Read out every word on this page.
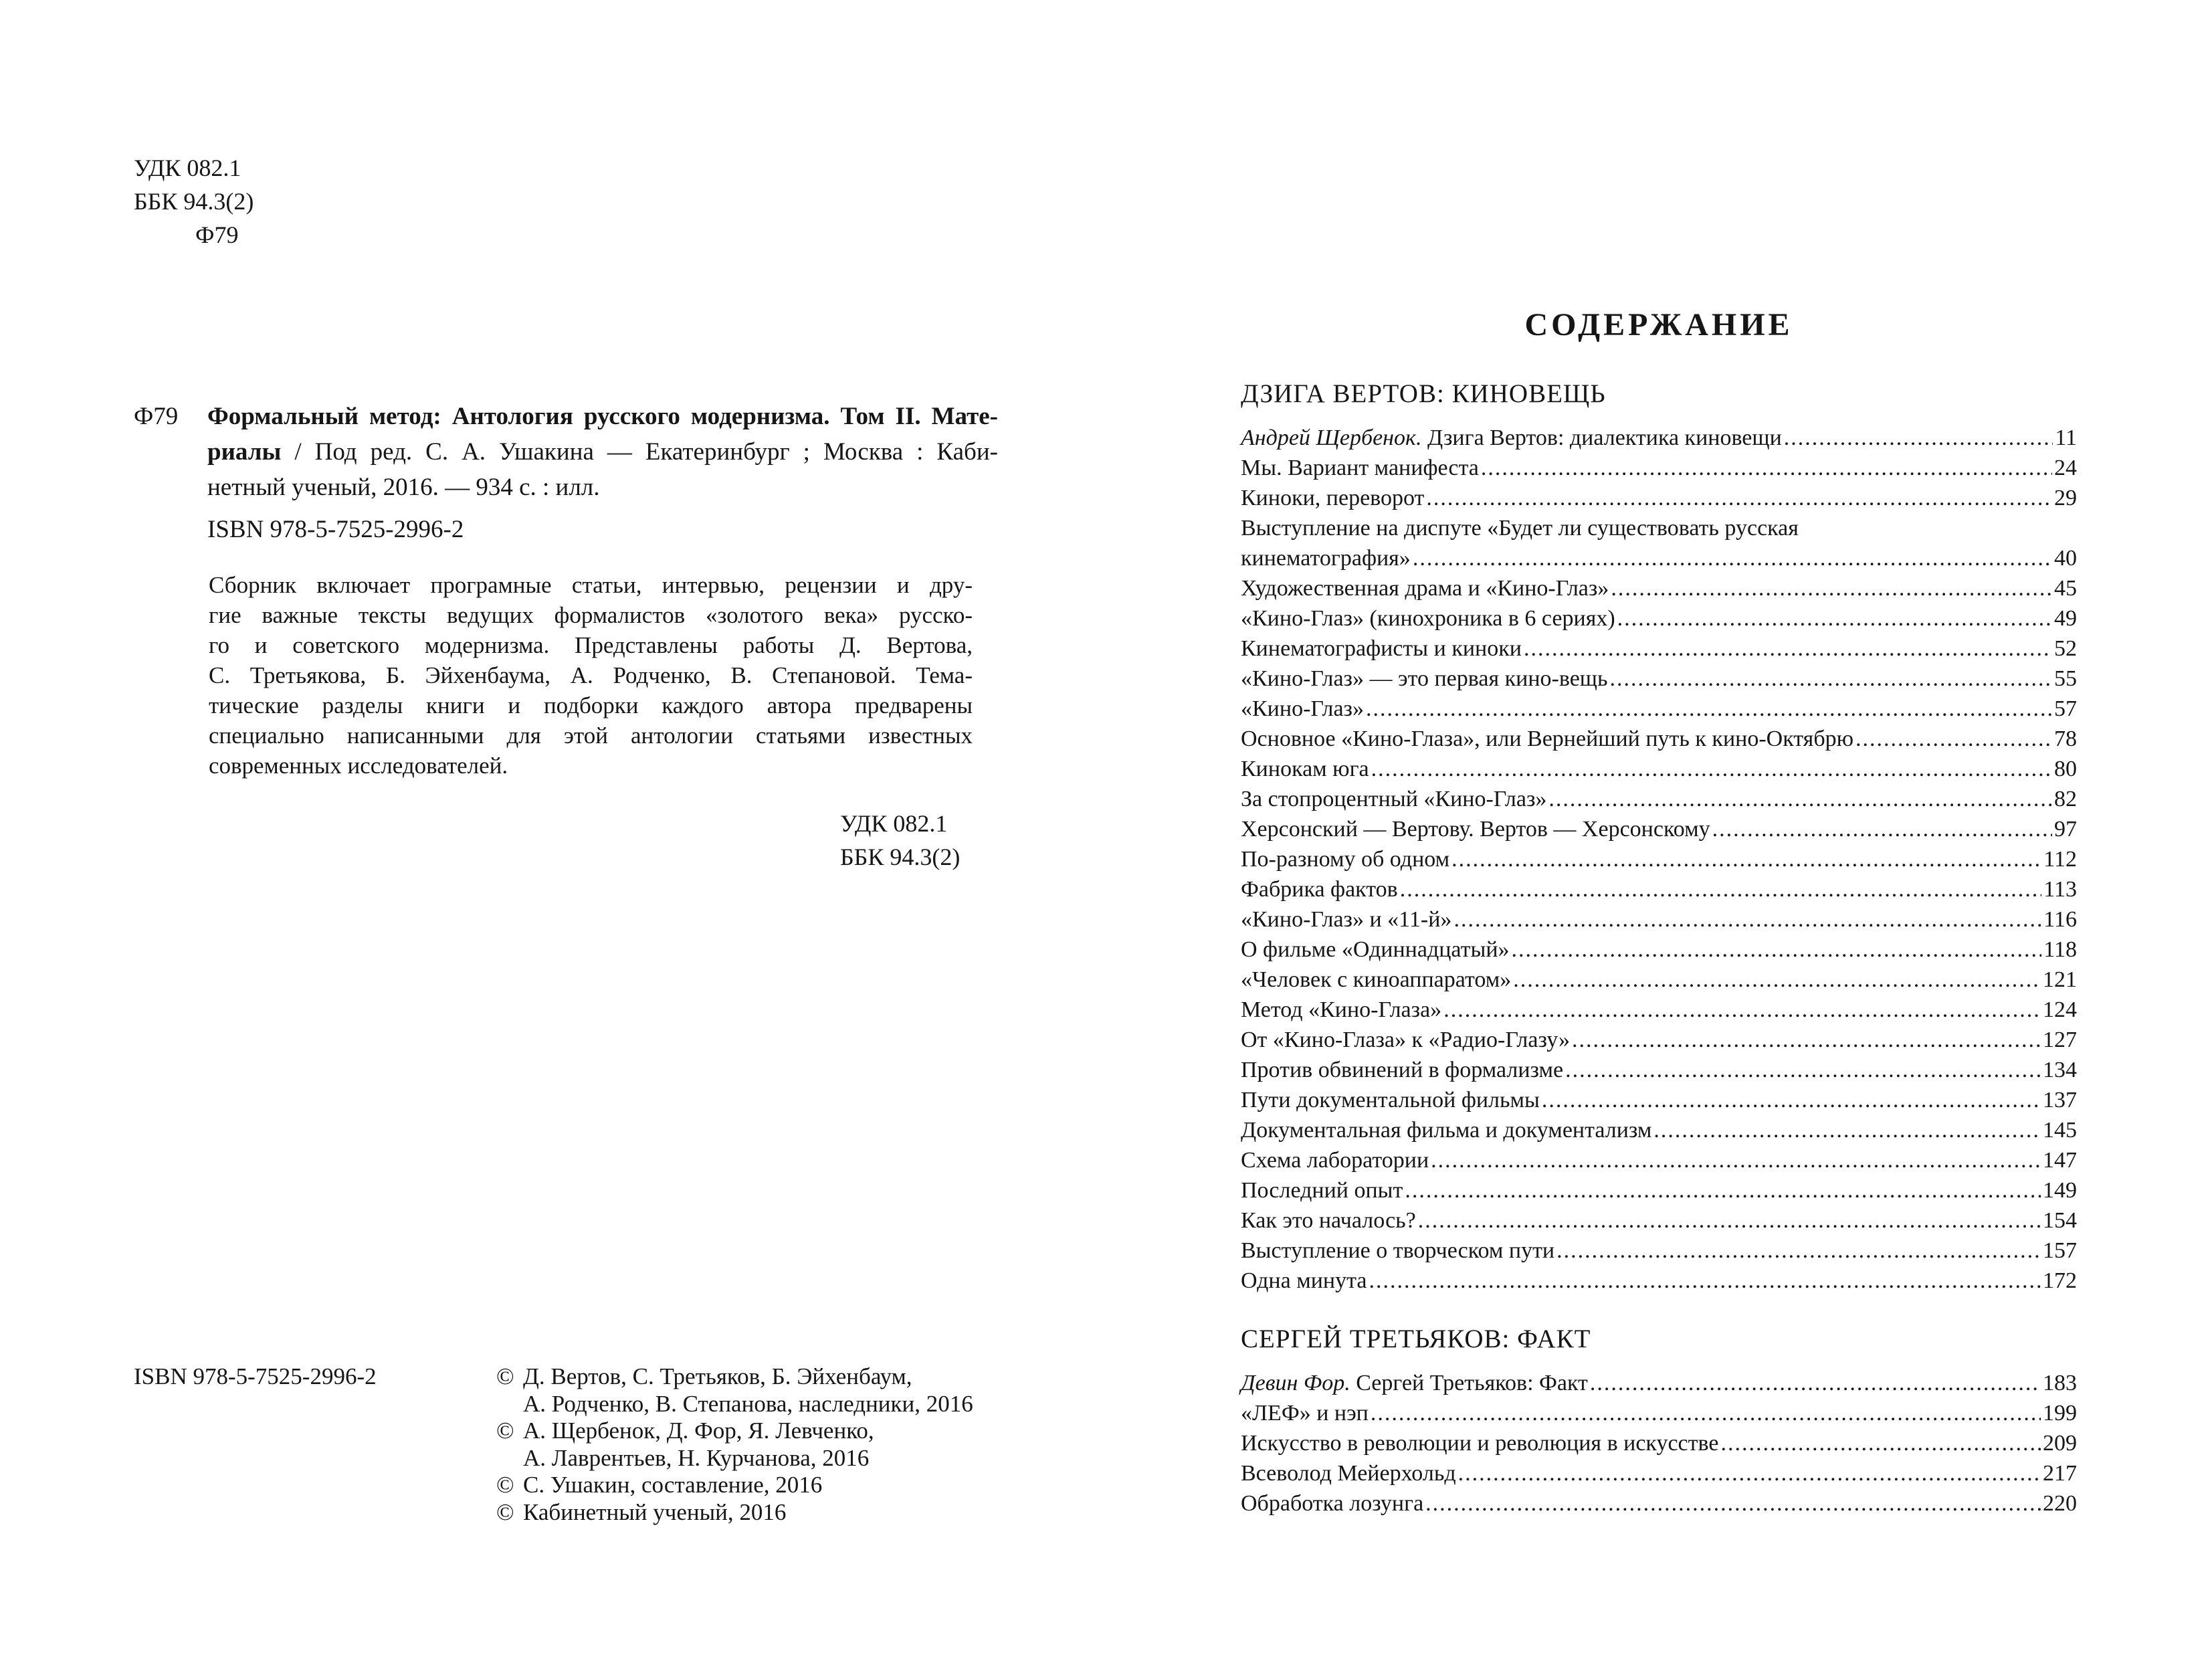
УДК 082.1
ББК 94.3(2)
Ф79
Ф79	Формальный метод: Антология русского модернизма. Том II. Мате-
риалы / Под ред. С. А. Ушакина — Екатеринбург ; Москва : Каби-
нетный ученый, 2016. — 934 с. : илл.
ISBN 978-5-7525-2996-2
Сборник включает програмные статьи, интервью, рецензии и дру-
гие важные тексты ведущих формалистов «золотого века» русско-
го и советского модернизма. Представлены работы Д. Вертова,
С. Третьякова, Б. Эйхенбаума, А. Родченко, В. Степановой. Тема-
тические разделы книги и подборки каждого автора предварены
специально написанными для этой антологии статьями известных
современных исследователей.
УДК 082.1
ББК 94.3(2)
ISBN 978-5-7525-2996-2	© Д. Вертов, С. Третьяков, Б. Эйхенбаум,
А. Родченко, В. Степанова, наследники, 2016
© А. Щербенок, Д. Фор, Я. Левченко,
А. Лаврентьев, Н. Курчанова, 2016
© С. Ушакин, составление, 2016
© Кабинетный ученый, 2016
СОДЕРЖАНИЕ
ДЗИГА ВЕРТОВ: КИНОВЕЩЬ
Андрей Щербенок. Дзига Вертов: диалектика киновещи .....	11
Мы. Вариант манифеста .....	24
Киноки, переворот .....	29
Выступление на диспуте «Будет ли существовать русская
кинематография» .....	40
Художественная драма и «Кино-Глаз» .....	45
«Кино-Глаз» (кинохроника в 6 сериях) .....	49
Кинематографисты и киноки .....	52
«Кино-Глаз» — это первая кино-вещь .....	55
«Кино-Глаз» .....	57
Основное «Кино-Глаза», или Вернейший путь к кино-Октябрю .....	78
Кинокам юга .....	80
За стопроцентный «Кино-Глаз» .....	82
Херсонский — Вертову. Вертов — Херсонскому .....	97
По-разному об одном .....	112
Фабрика фактов .....	113
«Кино-Глаз» и «11-й» .....	116
О фильме «Одиннадцатый» .....	118
«Человек с киноаппаратом» .....	121
Метод «Кино-Глаза» .....	124
От «Кино-Глаза» к «Радио-Глазу» .....	127
Против обвинений в формализме .....	134
Пути документальной фильмы .....	137
Документальная фильма и документализм .....	145
Схема лаборатории .....	147
Последний опыт .....	149
Как это началось? .....	154
Выступление о творческом пути .....	157
Одна минута .....	172
СЕРГЕЙ ТРЕТЬЯКОВ: ФАКТ
Девин Фор. Сергей Третьяков: Факт .....	183
«ЛЕФ» и нэп .....	199
Искусство в революции и революция в искусстве .....	209
Всеволод Мейерхольд .....	217
Обработка лозунга .....	220
